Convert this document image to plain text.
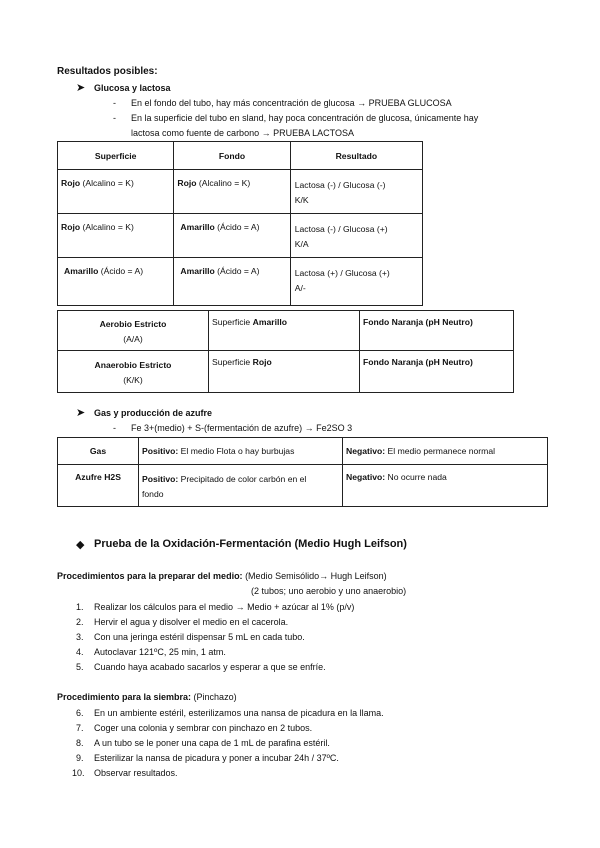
Resultados posibles:
➤ Glucosa y lactosa
- En el fondo del tubo, hay más concentración de glucosa → PRUEBA GLUCOSA
- En la superficie del tubo en sland, hay poca concentración de glucosa, únicamente hay
lactosa como fuente de carbono → PRUEBA LACTOSA
Superficie	Fondo	Resultado

Rojo (Alcalino = K)	Rojo (Alcalino = K)	Lactosa (-) / Glucosa (-)
K/K

Rojo (Alcalino = K)	Amarillo (Ácido = A)	Lactosa (-) / Glucosa (+)
K/A

Amarillo (Ácido = A)	Amarillo (Ácido = A)	Lactosa (+) / Glucosa (+)
A/-
Aerobio Estricto
(A/A)	Superficie Amarillo	Fondo Naranja (pH Neutro)

Anaerobio Estricto
(K/K)	Superficie Rojo	Fondo Naranja (pH Neutro)
➤ Gas y producción de azufre
- Fe 3+(medio) + S-(fermentación de azufre) → Fe2SO 3
Gas	Positivo: El medio Flota o hay burbujas	Negativo: El medio permanece normal

Azufre H2S	Positivo: Precipitado de color carbón en el
fondo	Negativo: No ocurre nada
◆ Prueba de la Oxidación-Fermentación (Medio Hugh Leifson)
Procedimientos para la preparar del medio: (Medio Semisólido→ Hugh Leifson)
(2 tubos; uno aerobio y uno anaerobio)
1. Realizar los cálculos para el medio → Medio + azúcar al 1% (p/v)
2. Hervir el agua y disolver el medio en el cacerola.
3. Con una jeringa estéril dispensar 5 mL en cada tubo.
4. Autoclavar 121ºC, 25 min, 1 atm.
5. Cuando haya acabado sacarlos y esperar a que se enfríe.
Procedimiento para la siembra: (Pinchazo)
6. En un ambiente estéril, esterilizamos una nansa de picadura en la llama.
7. Coger una colonia y sembrar con pinchazo en 2 tubos.
8. A un tubo se le poner una capa de 1 mL de parafina estéril.
9. Esterilizar la nansa de picadura y poner a incubar 24h / 37ºC.
10. Observar resultados.
